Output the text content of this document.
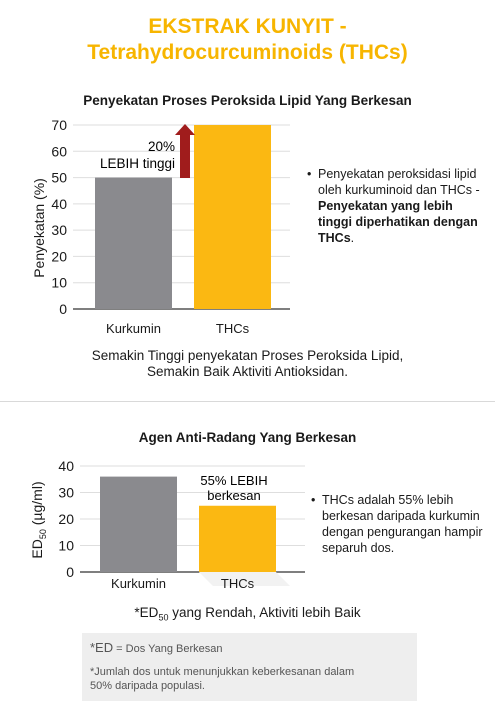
EKSTRAK KUNYIT -
Tetrahydrocurcuminoids (THCs)
Penyekatan Proses Peroksida Lipid Yang Berkesan
0
10
20
30
40
50
60
70
Penyekatan (%)
Kurkumin	THCs
20%
LEBIH tinggi
• Penyekatan peroksidasi lipid oleh kurkuminoid dan THCs - Penyekatan yang lebih tinggi diperhatikan dengan THCs.
Semakin Tinggi penyekatan Proses Peroksida Lipid,
Semakin Baik Aktiviti Antioksidan.
Agen Anti-Radang Yang Berkesan
0
10
20
30
40
$ED_{50}$ (µg/ml)
Kurkumin	THCs
55% LEBIH
berkesan	• THCs adalah 55% lebih berkesan daripada kurkumin dengan pengurangan hampir separuh dos.
$*ED_{50}$ yang Rendah, Aktiviti lebih Baik
*ED = Dos Yang Berkesan
*Jumlah dos untuk menunjukkan keberkesanan dalam
50% daripada populasi.
